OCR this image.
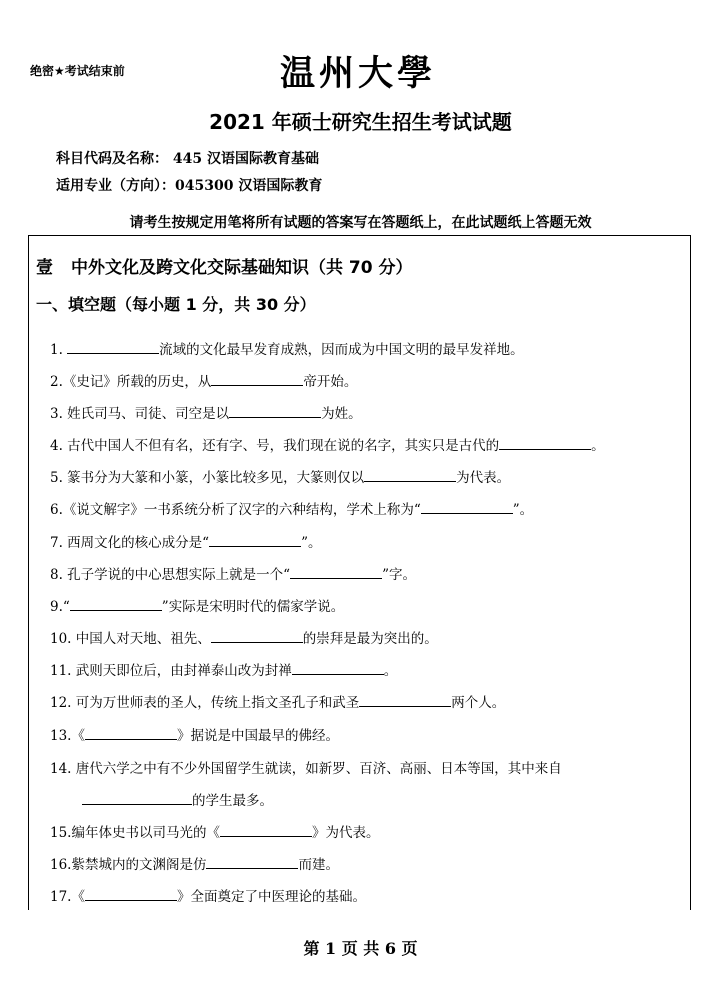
绝密★考试结束前	温州大學
2021 年硕士研究生招生考试试题
科目代码及名称： 445 汉语国际教育基础
适用专业（方向）：045300 汉语国际教育
请考生按规定用笔将所有试题的答案写在答题纸上，在此试题纸上答题无效
壹 中外文化及跨文化交际基础知识（共 70 分）
一、填空题（每小题 1 分，共 30 分）
1.	流域的文化最早发育成熟，因而成为中国文明的最早发祥地。
2.《史记》所载的历史，从	帝开始。
3. 姓氏司马、司徒、司空是以	为姓。
4. 古代中国人不但有名，还有字、号，我们现在说的名字，其实只是古代的	。
5. 篆书分为大篆和小篆，小篆比较多见，大篆则仅以	为代表。
6.《说文解字》一书系统分析了汉字的六种结构，学术上称为“	”。
7. 西周文化的核心成分是“	”。
8. 孔子学说的中心思想实际上就是一个“	”字。
9.“	”实际是宋明时代的儒家学说。
10. 中国人对天地、祖先、	的崇拜是最为突出的。
11. 武则天即位后，由封禅泰山改为封禅	。
12. 可为万世师表的圣人，传统上指文圣孔子和武圣	两个人。
13.《	》据说是中国最早的佛经。
14. 唐代六学之中有不少外国留学生就读，如新罗、百济、高丽、日本等国，其中来自
的学生最多。
15.编年体史书以司马光的《	》为代表。
16.紫禁城内的文渊阁是仿	而建。
17.《	》全面奠定了中医理论的基础。
第 1 页 共 6 页
